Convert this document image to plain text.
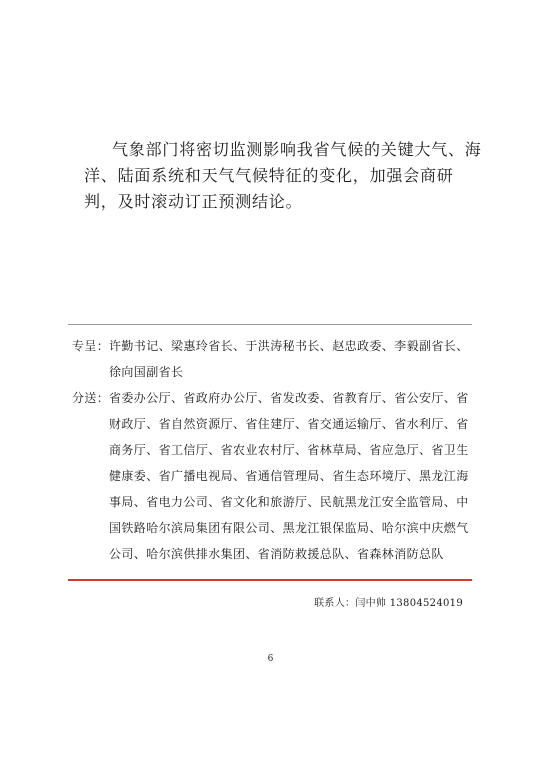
气象部门将密切监测影响我省气候的关键大气、海洋、陆面系统和天气气候特征的变化，加强会商研判，及时滚动订正预测结论。

专呈： 许勤书记、梁惠玲省长、于洪涛秘书长、赵忠政委、李毅副省长、徐向国副省长
分送： 省委办公厅、省政府办公厅、省发改委、省教育厅、省公安厅、省财政厅、省自然资源厅、省住建厅、省交通运输厅、省水利厅、省商务厅、省工信厅、省农业农村厅、省林草局、省应急厅、省卫生健康委、省广播电视局、省通信管理局、省生态环境厅、黑龙江海事局、省电力公司、省文化和旅游厅、民航黑龙江安全监管局、中国铁路哈尔滨局集团有限公司、黑龙江银保监局、哈尔滨中庆燃气公司、哈尔滨供排水集团、省消防救援总队、省森林消防总队
联系人：闫中帅 13804524019
6
